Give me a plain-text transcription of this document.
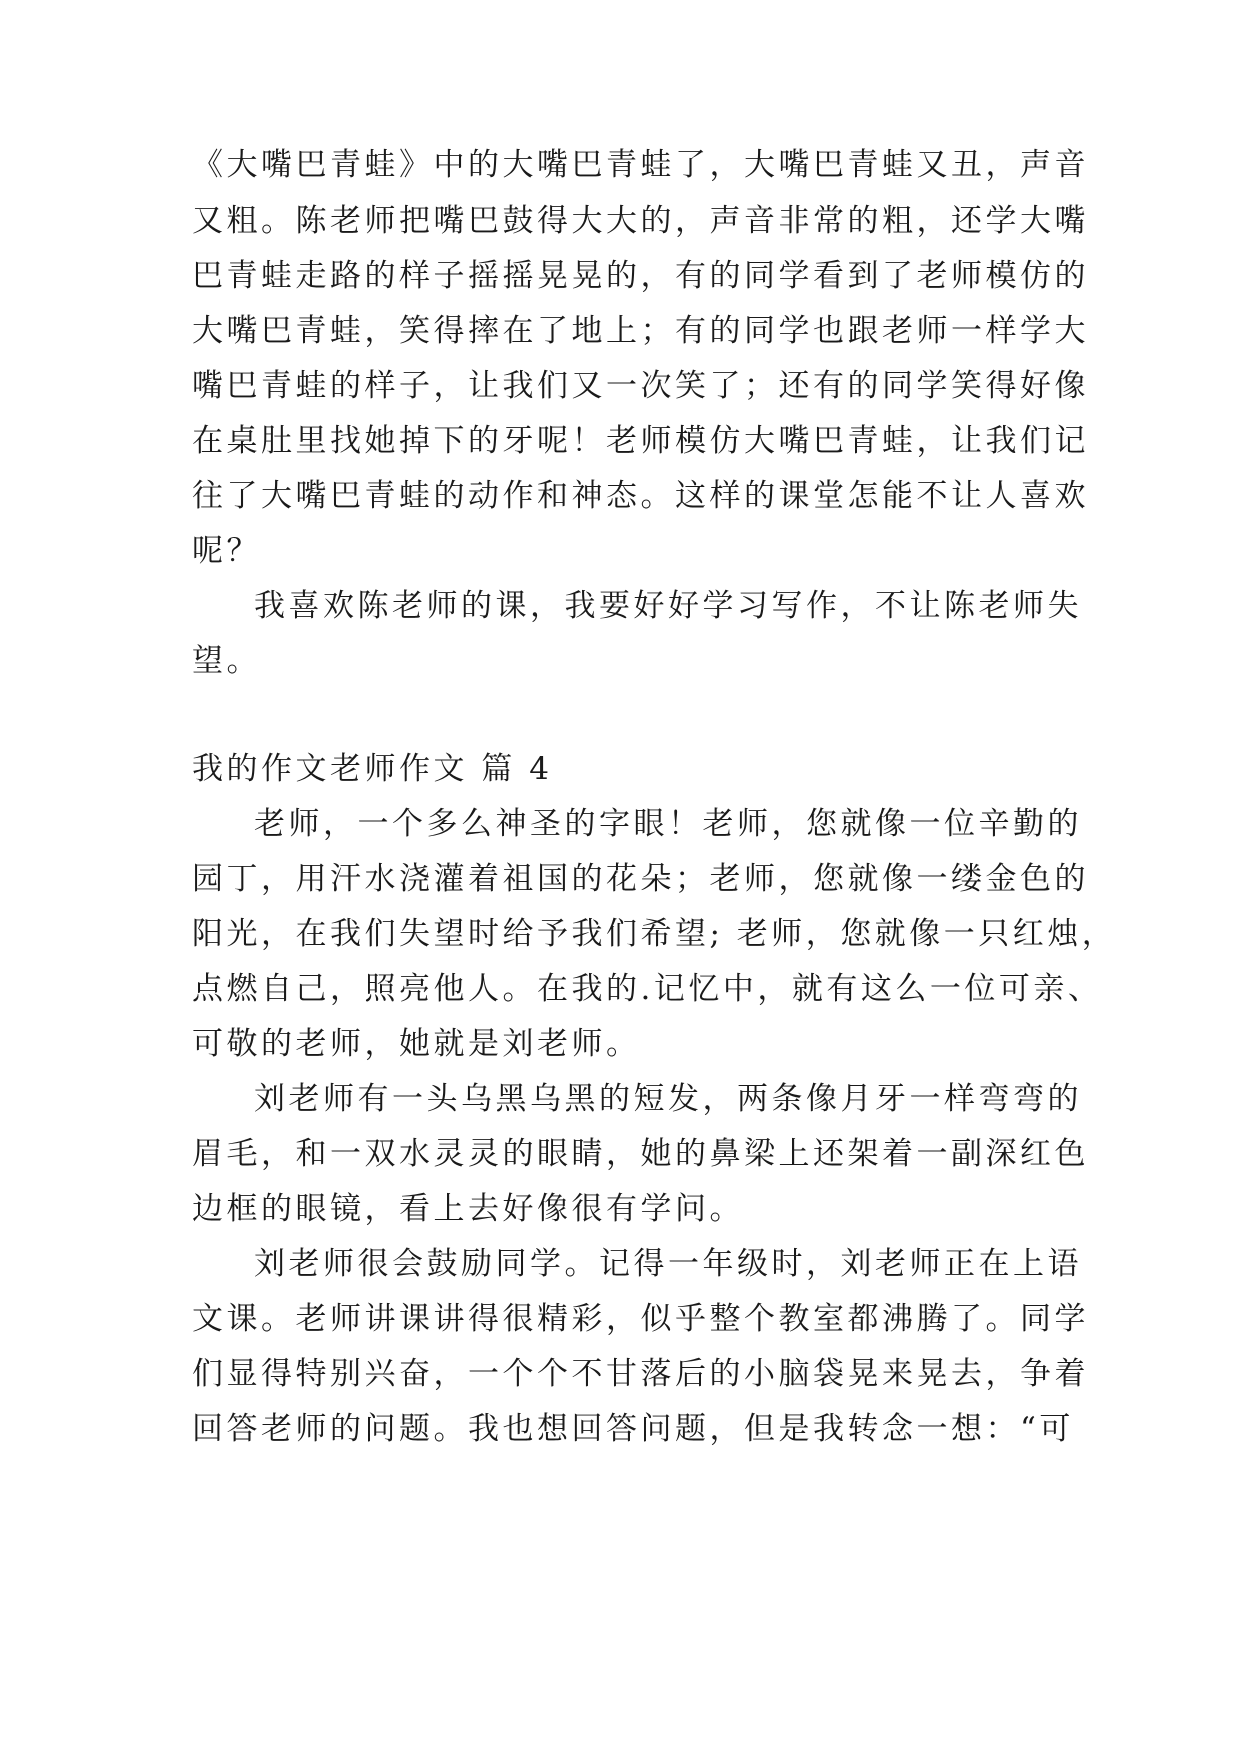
《大嘴巴青蛙》中的大嘴巴青蛙了，大嘴巴青蛙又丑，声音
又粗。陈老师把嘴巴鼓得大大的，声音非常的粗，还学大嘴
巴青蛙走路的样子摇摇晃晃的，有的同学看到了老师模仿的
大嘴巴青蛙，笑得摔在了地上；有的同学也跟老师一样学大
嘴巴青蛙的样子，让我们又一次笑了；还有的同学笑得好像
在桌肚里找她掉下的牙呢！老师模仿大嘴巴青蛙，让我们记
往了大嘴巴青蛙的动作和神态。这样的课堂怎能不让人喜欢
呢？
我喜欢陈老师的课，我要好好学习写作，不让陈老师失
望。
我的作文老师作文 篇 4
老师，一个多么神圣的字眼！老师，您就像一位辛勤的
园丁，用汗水浇灌着祖国的花朵；老师，您就像一缕金色的
阳光，在我们失望时给予我们希望; 老师，您就像一只红烛，
点燃自己，照亮他人。在我的.记忆中，就有这么一位可亲、
可敬的老师，她就是刘老师。
刘老师有一头乌黑乌黑的短发，两条像月牙一样弯弯的
眉毛，和一双水灵灵的眼睛，她的鼻梁上还架着一副深红色
边框的眼镜，看上去好像很有学问。
刘老师很会鼓励同学。记得一年级时，刘老师正在上语
文课。老师讲课讲得很精彩，似乎整个教室都沸腾了。同学
们显得特别兴奋，一个个不甘落后的小脑袋晃来晃去，争着
回答老师的问题。我也想回答问题，但是我转念一想：“可
